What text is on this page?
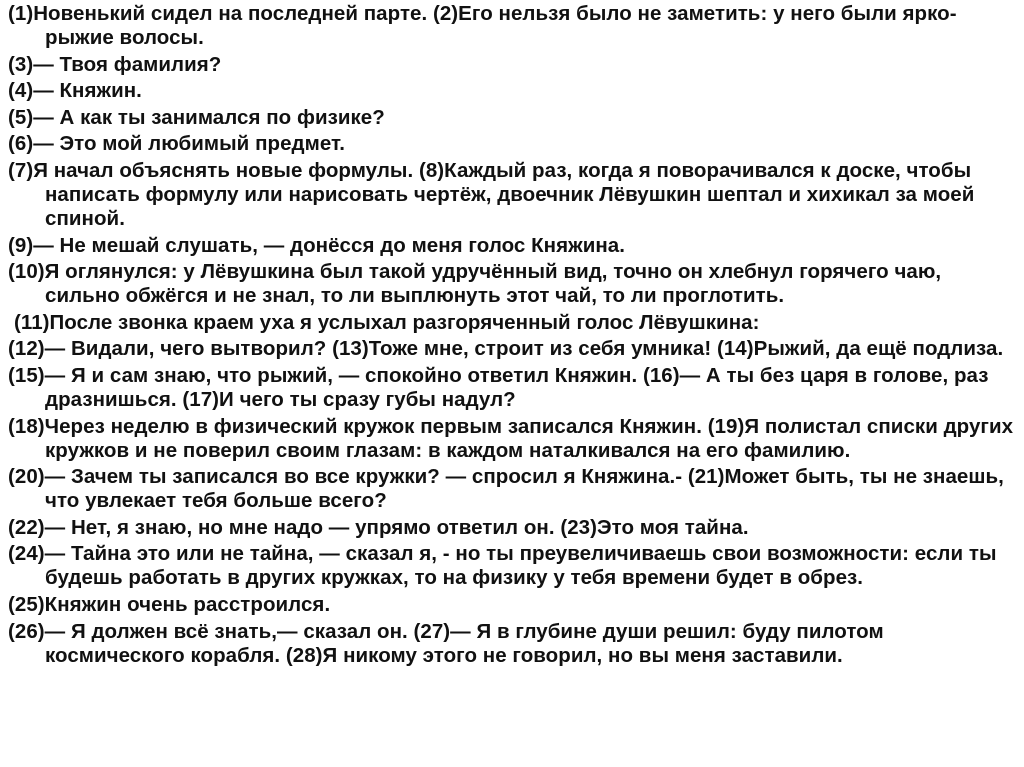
(1)Новенький сидел на последней парте. (2)Его нельзя было не заметить: у него были ярко-рыжие волосы.

(3)— Твоя фамилия?

(4)— Княжин.

(5)— А как ты занимался по физике?

(6)— Это мой любимый предмет.

(7)Я начал объяснять новые формулы. (8)Каждый раз, когда я поворачивался к доске, чтобы написать формулу или нарисовать чертёж, двоечник Лёвушкин шептал и хихикал за моей спиной.

(9)— Не мешай слушать, — донёсся до меня голос Княжина.

(10)Я оглянулся: у Лёвушкина был такой удручённый вид, точно он хлебнул горячего чаю, сильно обжёгся и не знал, то ли выплюнуть этот чай, то ли проглотить.

(11)После звонка краем уха я услыхал разгоряченный голос Лёвушкина:

(12)— Видали, чего вытворил? (13)Тоже мне, строит из себя умника! (14)Рыжий, да ещё подлиза.

(15)— Я и сам знаю, что рыжий, — спокойно ответил Княжин. (16)— А ты без царя в голове, раз дразнишься. (17)И чего ты сразу губы надул?

(18)Через неделю в физический кружок первым записался Княжин. (19)Я полистал списки других кружков и не поверил своим глазам: в каждом наталкивался на его фамилию.

(20)— Зачем ты записался во все кружки? — спросил я Княжина.- (21)Может быть, ты не знаешь, что увлекает тебя больше всего?

(22)— Нет, я знаю, но мне надо — упрямо ответил он. (23)Это моя тайна.

(24)— Тайна это или не тайна, — сказал я, - но ты преувеличиваешь свои возможности: если ты будешь работать в других кружках, то на физику у тебя времени будет в обрез.

(25)Княжин очень расстроился.

(26)— Я должен всё знать,— сказал он. (27)— Я в глубине души решил: буду пилотом космического корабля. (28)Я никому этого не говорил, но вы меня заставили.
